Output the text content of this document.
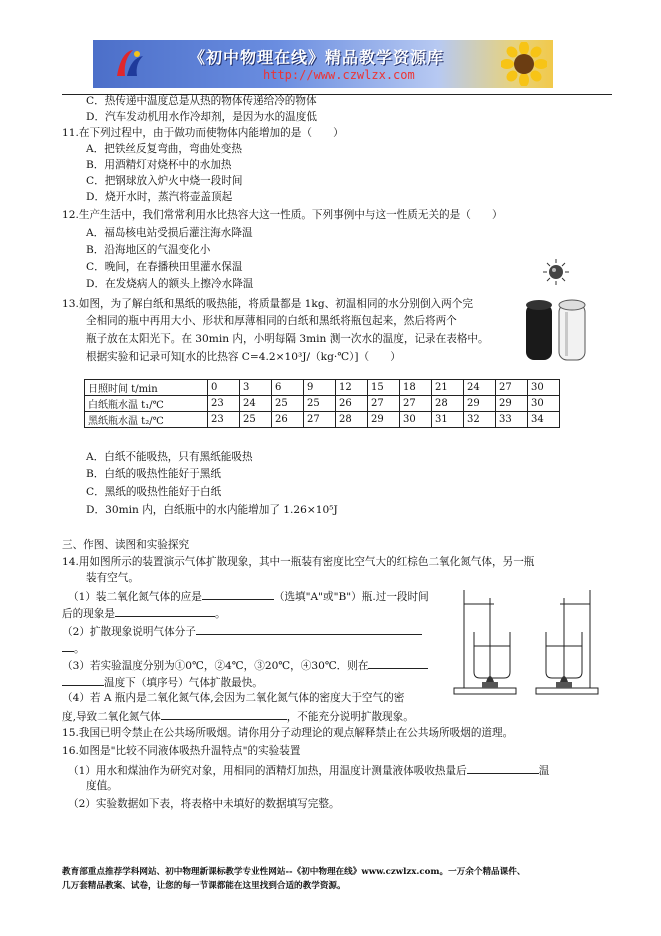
《初中物理在线》精品教学资源库
http://www.czwlzx.com
C．热传递中温度总是从热的物体传递给冷的物体
D．汽车发动机用水作冷却剂，是因为水的温度低
11.在下列过程中，由于做功而使物体内能增加的是（　　）
A．把铁丝反复弯曲，弯曲处变热
B．用酒精灯对烧杯中的水加热
C．把钢球放入炉火中烧一段时间
D．烧开水时，蒸汽将壶盖顶起
12.生产生活中，我们常常利用水比热容大这一性质。下列事例中与这一性质无关的是（　　）
A．福岛核电站受损后灌注海水降温
B．沿海地区的气温变化小
C．晚间，在春播秧田里灌水保温
D．在发烧病人的额头上擦冷水降温
13.如图，为了解白纸和黑纸的吸热能，将质量都是 1kg、初温相同的水分别倒入两个完
全相同的瓶中再用大小、形状和厚薄相同的白纸和黑纸将瓶包起来，然后将两个
瓶子放在太阳光下。在 30min 内，小明每隔 3min 测一次水的温度，记录在表格中。
根据实验和记录可知[水的比热容 C=4.2×10³J/（kg·℃）]（　　）
日照时间 t/min	0	3	6	9	12	15	18	21	24	27	30
白纸瓶水温 t₁/℃	23	24	25	25	26	27	27	28	29	29	30
黑纸瓶水温 t₂/℃	23	25	26	27	28	29	30	31	32	33	34
A．白纸不能吸热，只有黑纸能吸热
B．白纸的吸热性能好于黑纸
C．黑纸的吸热性能好于白纸
D．30min 内，白纸瓶中的水内能增加了 1.26×10⁵J
三、作图、读图和实验探究
14.用如图所示的装置演示气体扩散现象，其中一瓶装有密度比空气大的红棕色二氧化氮气体，另一瓶
装有空气。
（1）装二氧化氮气体的应是	（选填"A"或"B"）瓶.过一段时间
后的现象是	。
（2）扩散现象说明气体分子
。
（3）若实验温度分别为①0℃，②4℃，③20℃，④30℃．则在
温度下（填序号）气体扩散最快。
（4）若 A 瓶内是二氧化氮气体,会因为二氧化氮气体的密度大于空气的密
度,导致二氧化氮气体	，不能充分说明扩散现象。
15.我国已明令禁止在公共场所吸烟。请你用分子动理论的观点解释禁止在公共场所吸烟的道理。
16.如图是"比较不同液体吸热升温特点"的实验装置
（1）用水和煤油作为研究对象，用相同的酒精灯加热，用温度计测量液体吸收热量后	温
度值。
（2）实验数据如下表，将表格中未填好的数据填写完整。
教育部重点推荐学科网站、初中物理新课标教学专业性网站--《初中物理在线》www.czwlzx.com。一万余个精品课件、
几万套精品教案、试卷，让您的每一节课都能在这里找到合适的教学资源。
